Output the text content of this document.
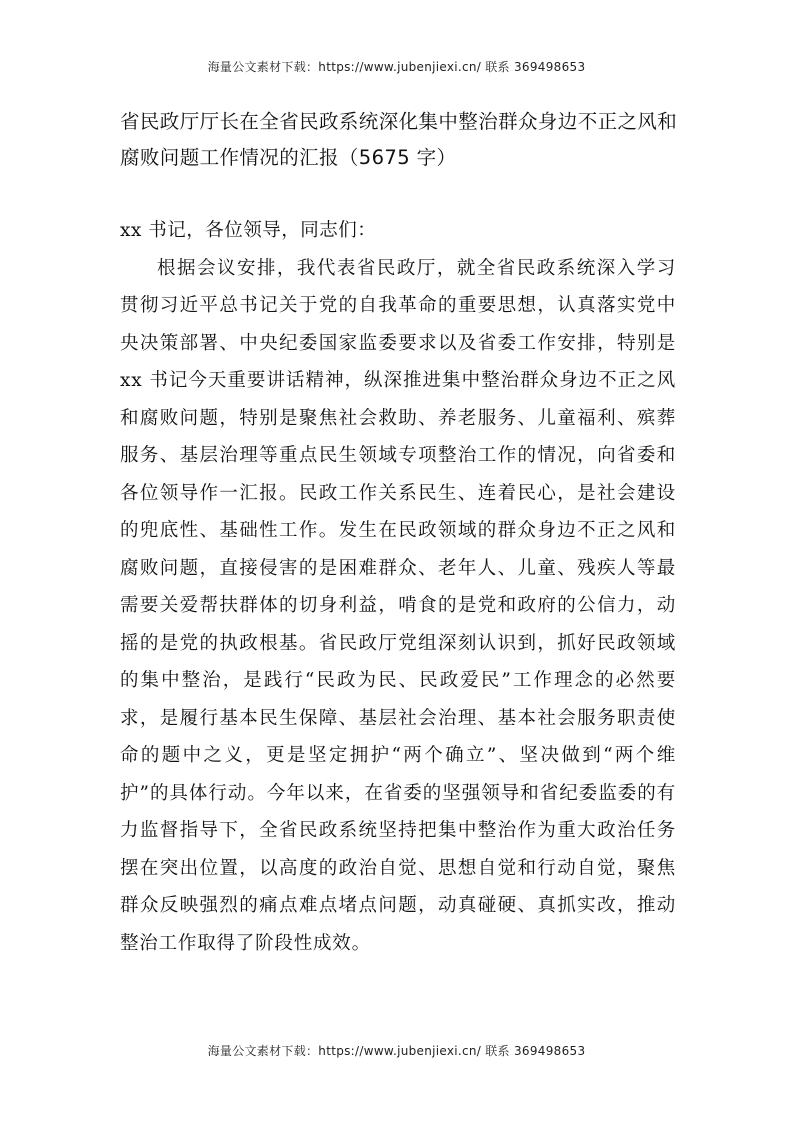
海量公文素材下载：https://www.jubenjiexi.cn/ 联系 369498653
省民政厅厅长在全省民政系统深化集中整治群众身边不正之风和腐败问题工作情况的汇报（5675 字）

xx 书记，各位领导，同志们：

根据会议安排，我代表省民政厅，就全省民政系统深入学习贯彻习近平总书记关于党的自我革命的重要思想，认真落实党中央决策部署、中央纪委国家监委要求以及省委工作安排，特别是 xx 书记今天重要讲话精神，纵深推进集中整治群众身边不正之风和腐败问题，特别是聚焦社会救助、养老服务、儿童福利、殡葬服务、基层治理等重点民生领域专项整治工作的情况，向省委和各位领导作一汇报。民政工作关系民生、连着民心，是社会建设的兜底性、基础性工作。发生在民政领域的群众身边不正之风和腐败问题，直接侵害的是困难群众、老年人、儿童、残疾人等最需要关爱帮扶群体的切身利益，啃食的是党和政府的公信力，动摇的是党的执政根基。省民政厅党组深刻认识到，抓好民政领域的集中整治，是践行“民政为民、民政爱民”工作理念的必然要求，是履行基本民生保障、基层社会治理、基本社会服务职责使命的题中之义，更是坚定拥护“两个确立”、坚决做到“两个维护”的具体行动。今年以来，在省委的坚强领导和省纪委监委的有力监督指导下，全省民政系统坚持把集中整治作为重大政治任务摆在突出位置，以高度的政治自觉、思想自觉和行动自觉，聚焦群众反映强烈的痛点难点堵点问题，动真碰硬、真抓实改，推动整治工作取得了阶段性成效。

海量公文素材下载：https://www.jubenjiexi.cn/ 联系 369498653
